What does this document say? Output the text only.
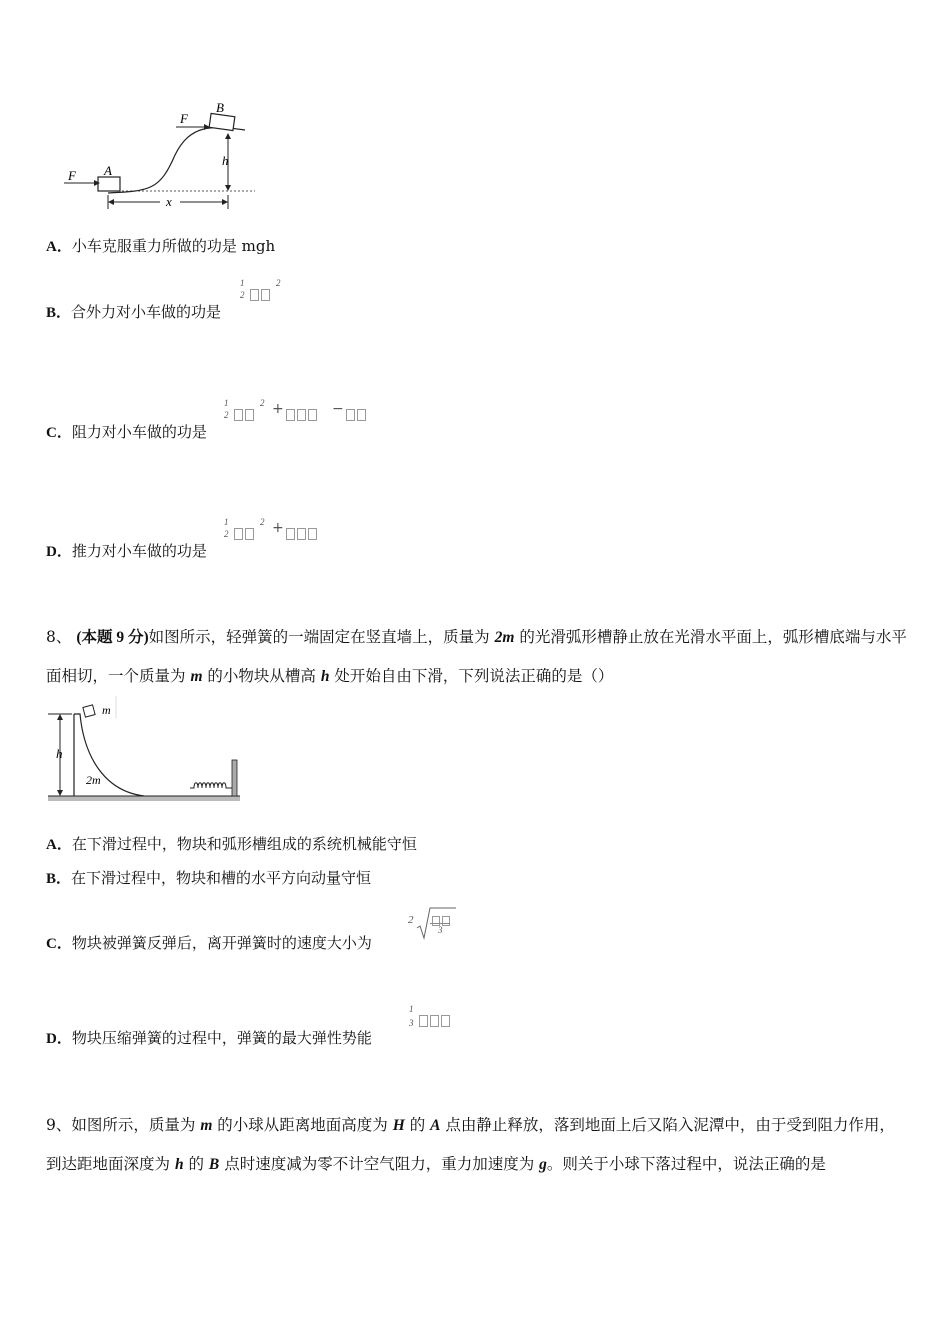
F
B
F A
h
x
A．小车克服重力所做的功是 mgh
B．合外力对小车做的功是
1
2
2
C．阻力对小车做的功是
1
2
2 +	−
D．推力对小车做的功是
1
2
2 +
8、 (本题 9 分)如图所示，轻弹簧的一端固定在竖直墙上，质量为 2m 的光滑弧形槽静止放在光滑水平面上，弧形槽底端与水平面相切，一个质量为 m 的小物块从槽高 h 处开始自由下滑，下列说法正确的是（）
m
h
2m
A．在下滑过程中，物块和弧形槽组成的系统机械能守恒
B．在下滑过程中，物块和槽的水平方向动量守恒
C．物块被弹簧反弹后，离开弹簧时的速度大小为
2
3
D．物块压缩弹簧的过程中，弹簧的最大弹性势能
1
3
9、如图所示，质量为 m 的小球从距离地面高度为 H 的 A 点由静止释放，落到地面上后又陷入泥潭中，由于受到阻力作用，到达距地面深度为 h 的 B 点时速度减为零不计空气阻力，重力加速度为 g。则关于小球下落过程中，说法正确的是
